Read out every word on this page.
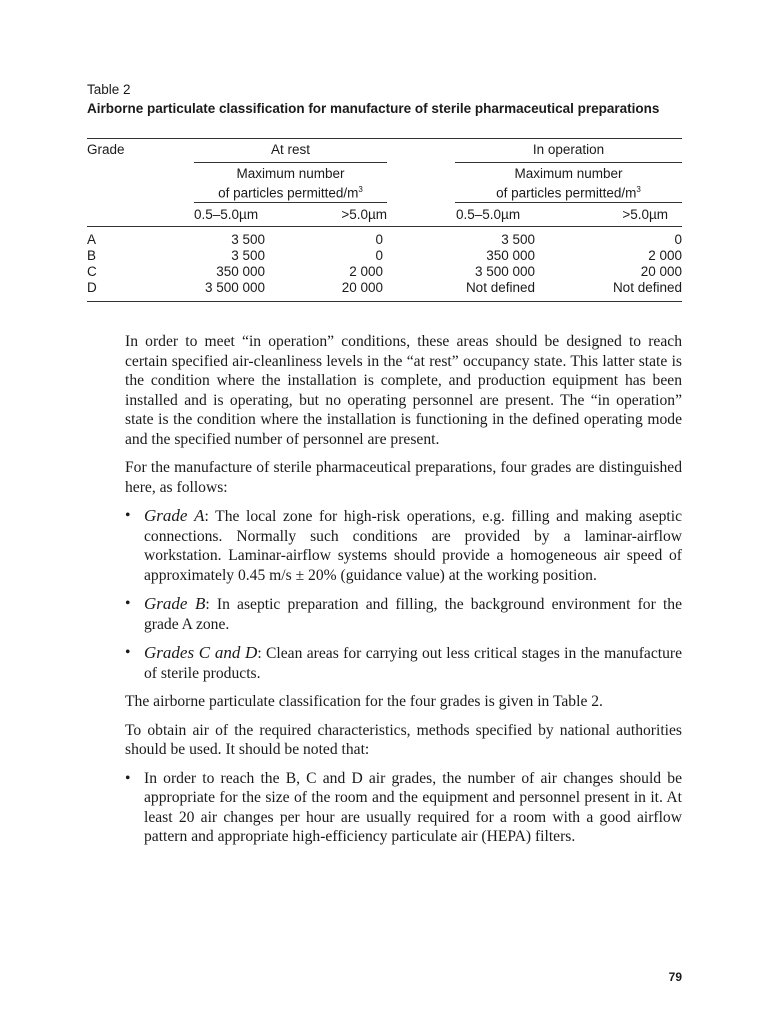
Table 2
Airborne particulate classification for manufacture of sterile pharmaceutical preparations
Grade	At rest	In operation
Maximum number
of particles permitted/$m^3$
Maximum number
of particles permitted/$m^3$
0.5–5.0µm	>5.0µm	0.5–5.0µm	>5.0µm
A	3 500	0	3 500	0
B	3 500	0	350 000	2 000
C	350 000	2 000	3 500 000	20 000
D	3 500 000	20 000	Not defined	Not defined

In order to meet “in operation” conditions, these areas should be designed to reach certain specified air-cleanliness levels in the “at rest” occupancy state. This latter state is the condition where the installation is complete, and production equipment has been installed and is operating, but no operating personnel are present. The “in operation” state is the condition where the installation is functioning in the defined operating mode and the specified number of personnel are present.

For the manufacture of sterile pharmaceutical preparations, four grades are distinguished here, as follows:

• Grade A: The local zone for high-risk operations, e.g. filling and making aseptic connections. Normally such conditions are provided by a laminar-airflow workstation. Laminar-airflow systems should provide a homogeneous air speed of approximately 0.45 m/s ± 20% (guidance value) at the working position.
• Grade B: In aseptic preparation and filling, the background environment for the grade A zone.
• Grades C and D: Clean areas for carrying out less critical stages in the manufacture of sterile products.

The airborne particulate classification for the four grades is given in Table 2.

To obtain air of the required characteristics, methods specified by national authorities should be used. It should be noted that:

• In order to reach the B, C and D air grades, the number of air changes should be appropriate for the size of the room and the equipment and personnel present in it. At least 20 air changes per hour are usually required for a room with a good airflow pattern and appropriate high-efficiency particulate air (HEPA) filters.
79
